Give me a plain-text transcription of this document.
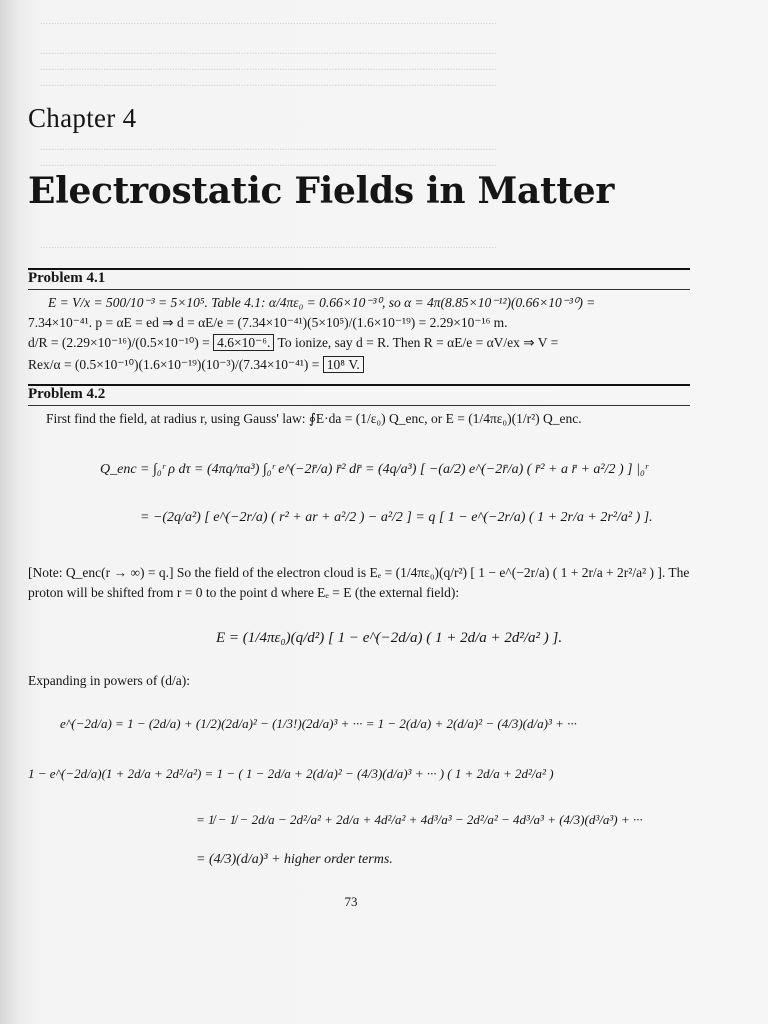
......................................................................................................................................................................
......................................................................................................................................................................
......................................................................................................................................................................
......................................................................................................................................................................
......................................................................................................................................................................
......................................................................................................................................................................
......................................................................................................................................................................
Chapter 4
Electrostatic Fields in Matter
Problem 4.1
E = V/x = 500/10⁻³ = 5×10⁵. Table 4.1: α/4πε₀ = 0.66×10⁻³⁰, so α = 4π(8.85×10⁻¹²)(0.66×10⁻³⁰) =
7.34×10⁻⁴¹. p = αE = ed ⇒ d = αE/e = (7.34×10⁻⁴¹)(5×10⁵)/(1.6×10⁻¹⁹) = 2.29×10⁻¹⁶ m.
d/R = (2.29×10⁻¹⁶)/(0.5×10⁻¹⁰) = 4.6×10⁻⁶. To ionize, say d = R. Then R = αE/e = αV/ex ⇒ V =
Rex/α = (0.5×10⁻¹⁰)(1.6×10⁻¹⁹)(10⁻³)/(7.34×10⁻⁴¹) = 10⁸ V.
Problem 4.2
First find the field, at radius r, using Gauss' law: ∮E·da = (1/ε₀) Q_enc, or E = (1/4πε₀)(1/r²) Q_enc.
Q_enc = ∫₀ʳ ρ dτ = (4πq/πa³) ∫₀ʳ e^(−2r̄/a) r̄² dr̄ = (4q/a³) [ −(a/2) e^(−2r̄/a) ( r̄² + a r̄ + a²/2 ) ] |₀ʳ
= −(2q/a²) [ e^(−2r/a) ( r² + ar + a²/2 ) − a²/2 ] = q [ 1 − e^(−2r/a) ( 1 + 2r/a + 2r²/a² ) ].
[Note: Q_enc(r → ∞) = q.] So the field of the electron cloud is Eₑ = (1/4πε₀)(q/r²) [ 1 − e^(−2r/a) ( 1 + 2r/a + 2r²/a² ) ]. The
proton will be shifted from r = 0 to the point d where Eₑ = E (the external field):
E = (1/4πε₀)(q/d²) [ 1 − e^(−2d/a) ( 1 + 2d/a + 2d²/a² ) ].
Expanding in powers of (d/a):
e^(−2d/a) = 1 − (2d/a) + (1/2)(2d/a)² − (1/3!)(2d/a)³ + ··· = 1 − 2(d/a) + 2(d/a)² − (4/3)(d/a)³ + ···
1 − e^(−2d/a)(1 + 2d/a + 2d²/a²) = 1 − ( 1 − 2d/a + 2(d/a)² − (4/3)(d/a)³ + ··· ) ( 1 + 2d/a + 2d²/a² )
= 1̸ − 1̸ − 2d/a − 2d²/a² + 2d/a + 4d²/a² + 4d³/a³ − 2d²/a² − 4d³/a³ + (4/3)(d³/a³) + ···
= (4/3)(d/a)³ + higher order terms.
73
